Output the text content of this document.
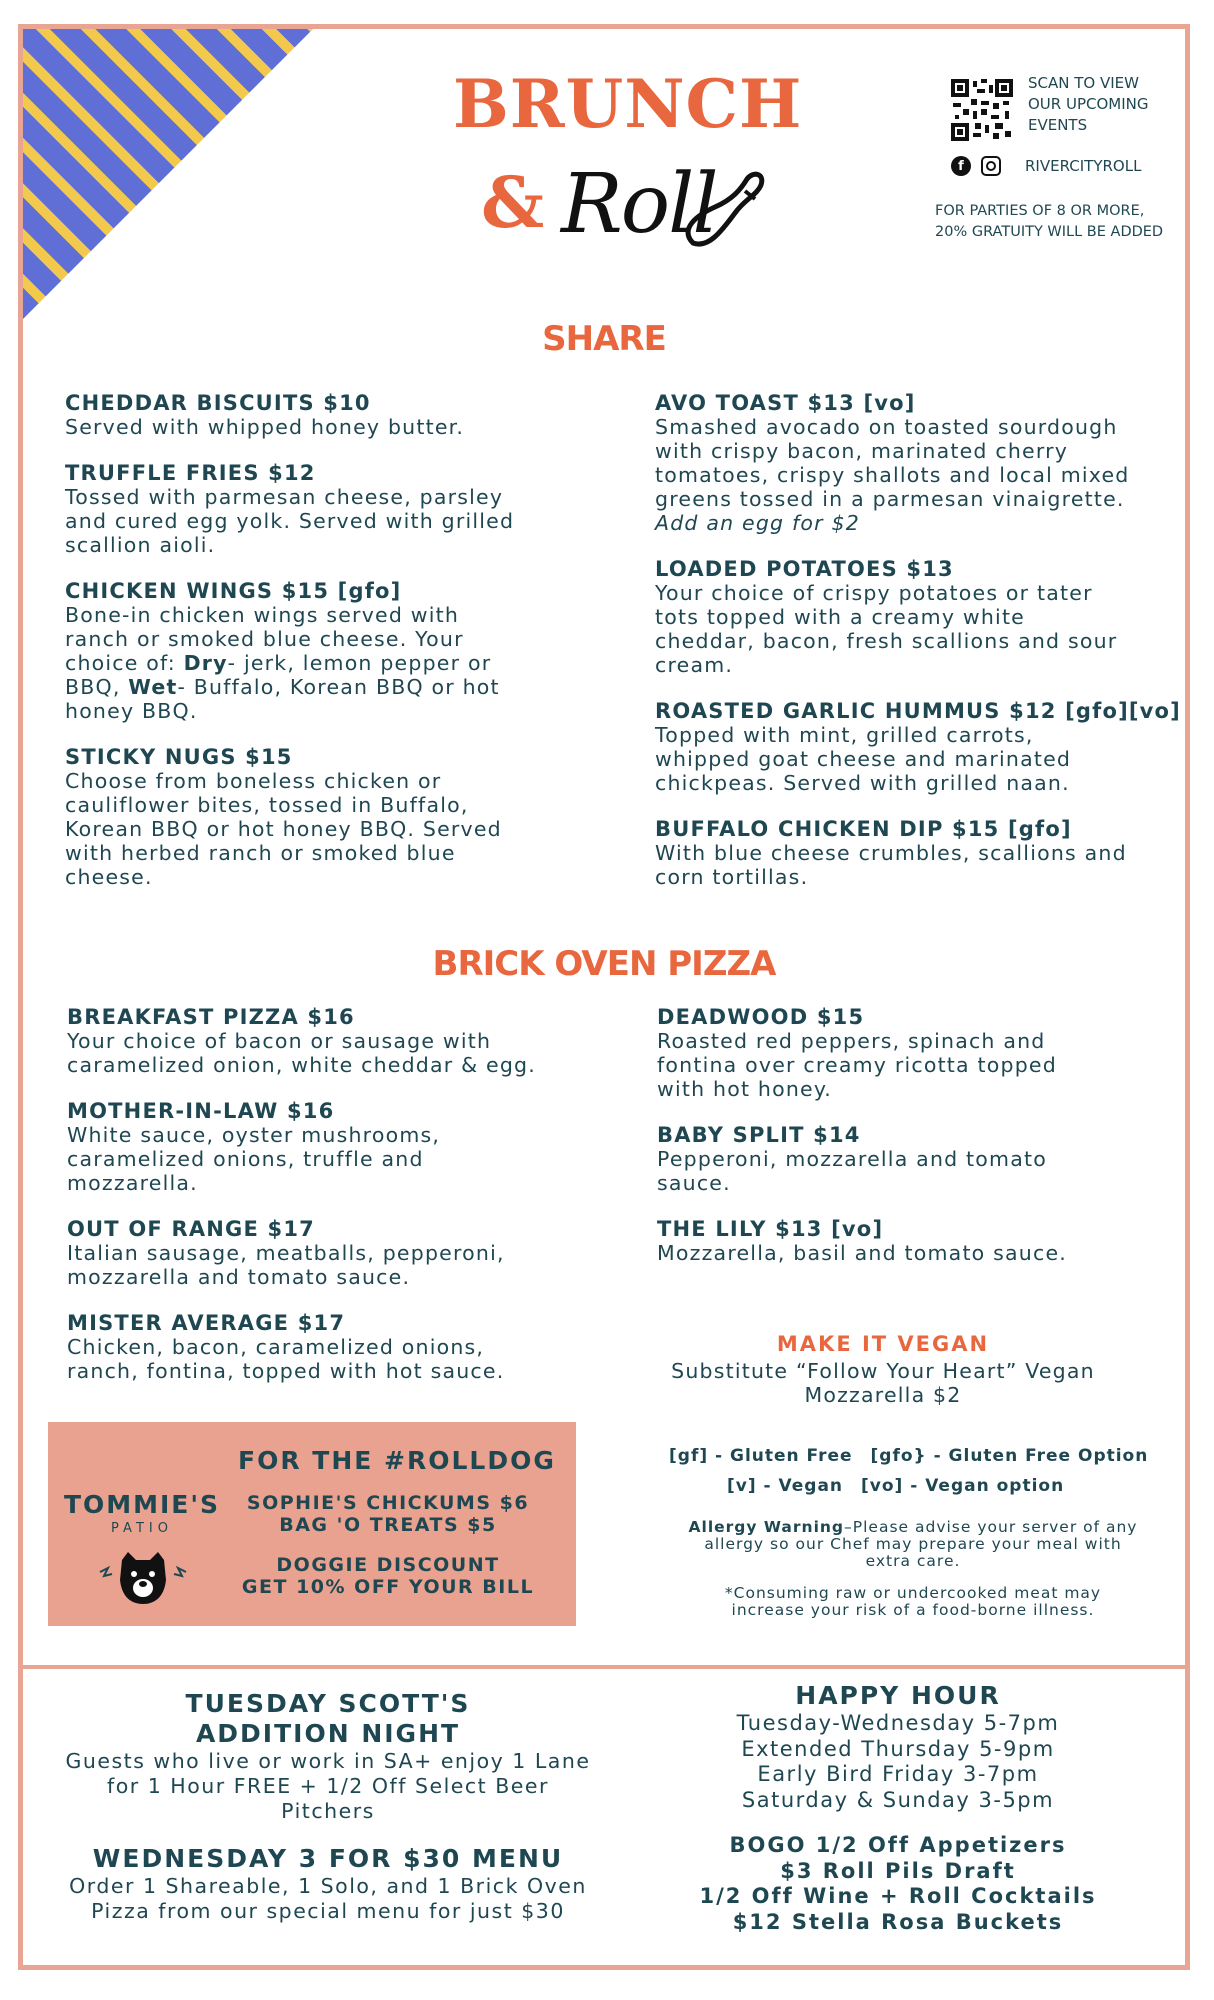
BRUNCH
& Roll
SCAN TO VIEW
OUR UPCOMING
EVENTS
f	RIVERCITYROLL
FOR PARTIES OF 8 OR MORE,
20% GRATUITY WILL BE ADDED
SHARE
CHEDDAR BISCUITS $10
Served with whipped honey butter.
TRUFFLE FRIES $12
Tossed with parmesan cheese, parsley
and cured egg yolk. Served with grilled
scallion aioli.
CHICKEN WINGS $15 [gfo]
Bone-in chicken wings served with
ranch or smoked blue cheese. Your
choice of: Dry- jerk, lemon pepper or
BBQ, Wet- Buffalo, Korean BBQ or hot
honey BBQ.
STICKY NUGS $15
Choose from boneless chicken or
cauliflower bites, tossed in Buffalo,
Korean BBQ or hot honey BBQ. Served
with herbed ranch or smoked blue
cheese.
AVO TOAST $13 [vo]
Smashed avocado on toasted sourdough
with crispy bacon, marinated cherry
tomatoes, crispy shallots and local mixed
greens tossed in a parmesan vinaigrette.
Add an egg for $2
LOADED POTATOES $13
Your choice of crispy potatoes or tater
tots topped with a creamy white
cheddar, bacon, fresh scallions and sour
cream.
ROASTED GARLIC HUMMUS $12 [gfo][vo]
Topped with mint, grilled carrots,
whipped goat cheese and marinated
chickpeas. Served with grilled naan.
BUFFALO CHICKEN DIP $15 [gfo]
With blue cheese crumbles, scallions and
corn tortillas.
BRICK OVEN PIZZA
BREAKFAST PIZZA $16
Your choice of bacon or sausage with
caramelized onion, white cheddar & egg.
MOTHER-IN-LAW $16
White sauce, oyster mushrooms,
caramelized onions, truffle and
mozzarella.
OUT OF RANGE $17
Italian sausage, meatballs, pepperoni,
mozzarella and tomato sauce.
MISTER AVERAGE $17
Chicken, bacon, caramelized onions,
ranch, fontina, topped with hot sauce.
DEADWOOD $15
Roasted red peppers, spinach and
fontina over creamy ricotta topped
with hot honey.
BABY SPLIT $14
Pepperoni, mozzarella and tomato
sauce.
THE LILY $13 [vo]
Mozzarella, basil and tomato sauce.
FOR THE #ROLLDOG
TOMMIE'S
PATIO
SOPHIE'S CHICKUMS $6
BAG 'O TREATS $5
DOGGIE DISCOUNT
GET 10% OFF YOUR BILL
MAKE IT VEGAN
Substitute “Follow Your Heart” Vegan
Mozzarella $2
[gf] - Gluten Free [gfo} - Gluten Free Option
[v] - Vegan [vo] - Vegan option
Allergy Warning–Please advise your server of any
allergy so our Chef may prepare your meal with
extra care.
*Consuming raw or undercooked meat may
increase your risk of a food-borne illness.
TUESDAY SCOTT'S
ADDITION NIGHT
Guests who live or work in SA+ enjoy 1 Lane
for 1 Hour FREE + 1/2 Off Select Beer
Pitchers
WEDNESDAY 3 FOR $30 MENU
Order 1 Shareable, 1 Solo, and 1 Brick Oven
Pizza from our special menu for just $30
HAPPY HOUR
Tuesday-Wednesday 5-7pm
Extended Thursday 5-9pm
Early Bird Friday 3-7pm
Saturday & Sunday 3-5pm
BOGO 1/2 Off Appetizers
$3 Roll Pils Draft
1/2 Off Wine + Roll Cocktails
$12 Stella Rosa Buckets
